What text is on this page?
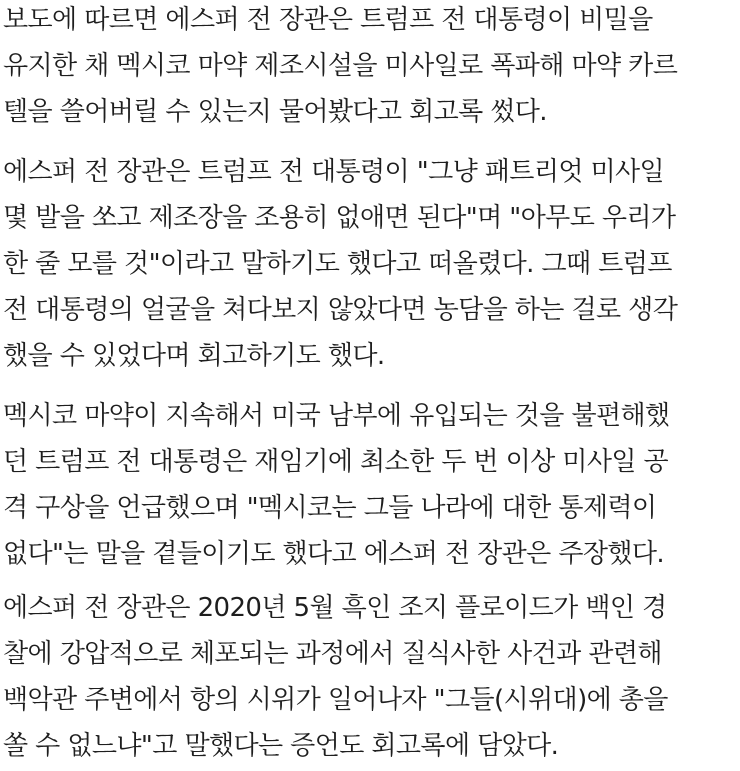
보도에 따르면 에스퍼 전 장관은 트럼프 전 대통령이 비밀을
유지한 채 멕시코 마약 제조시설을 미사일로 폭파해 마약 카르
텔을 쓸어버릴 수 있는지 물어봤다고 회고록 썼다.

에스퍼 전 장관은 트럼프 전 대통령이 "그냥 패트리엇 미사일
몇 발을 쏘고 제조장을 조용히 없애면 된다"며 "아무도 우리가
한 줄 모를 것"이라고 말하기도 했다고 떠올렸다. 그때 트럼프
전 대통령의 얼굴을 쳐다보지 않았다면 농담을 하는 걸로 생각
했을 수 있었다며 회고하기도 했다.

멕시코 마약이 지속해서 미국 남부에 유입되는 것을 불편해했
던 트럼프 전 대통령은 재임기에 최소한 두 번 이상 미사일 공
격 구상을 언급했으며 "멕시코는 그들 나라에 대한 통제력이
없다"는 말을 곁들이기도 했다고 에스퍼 전 장관은 주장했다.

에스퍼 전 장관은 2020년 5월 흑인 조지 플로이드가 백인 경
찰에 강압적으로 체포되는 과정에서 질식사한 사건과 관련해
백악관 주변에서 항의 시위가 일어나자 "그들(시위대)에 총을
쏠 수 없느냐"고 말했다는 증언도 회고록에 담았다.
